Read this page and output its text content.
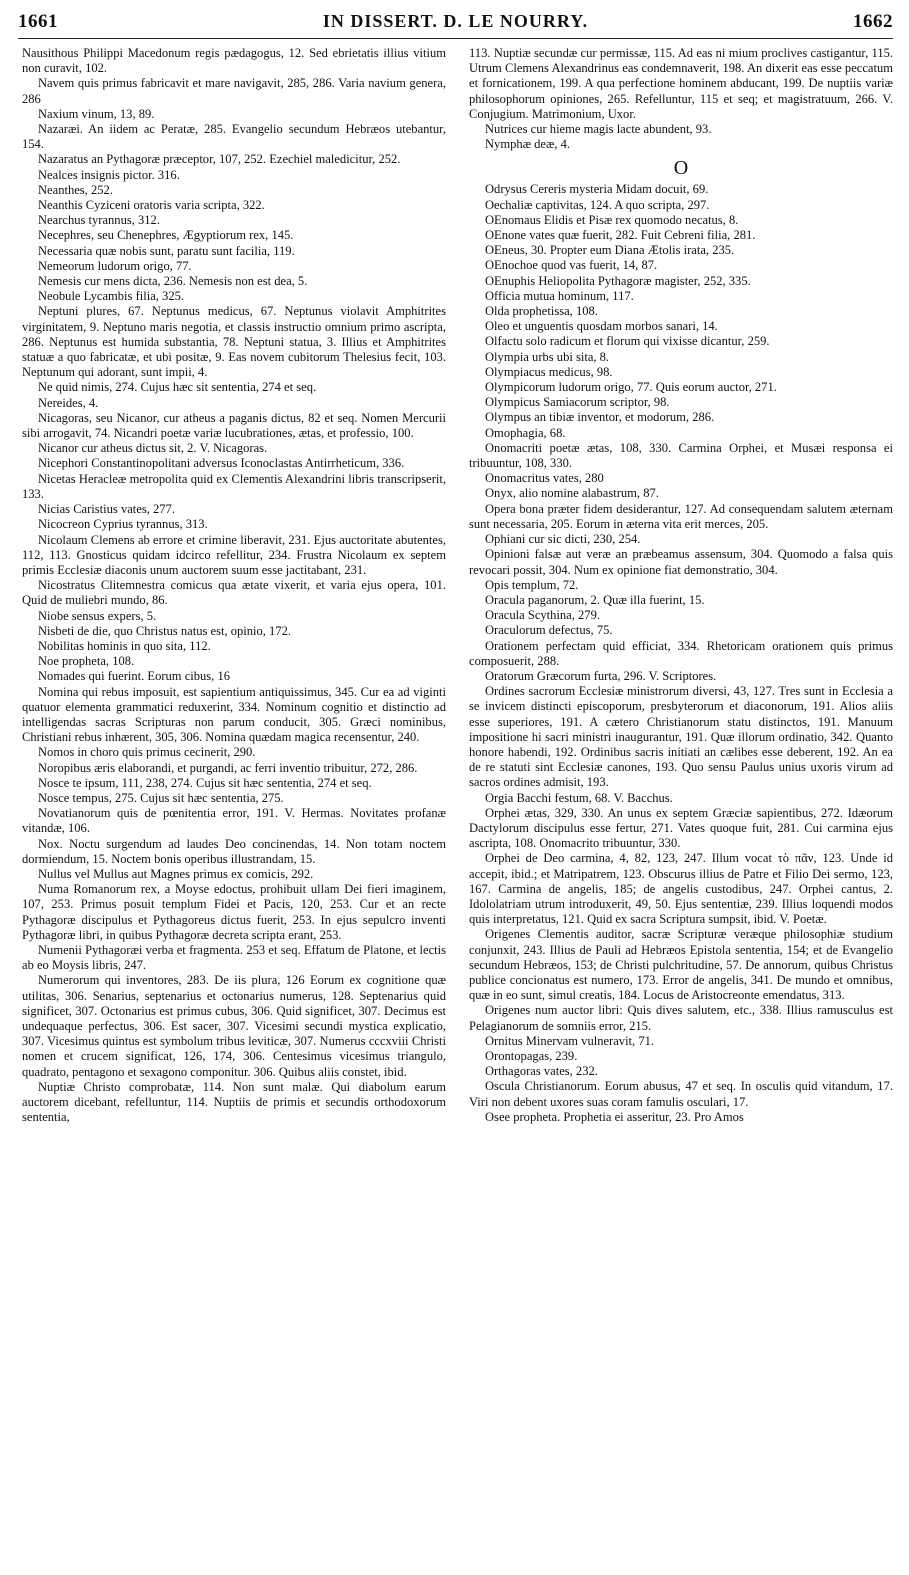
1661	IN DISSERT. D. LE NOURRY.	1662

Nausithous Philippi Macedonum regis pædagogus, 12. Sed ebrietatis illius vitium non curavit, 102.

Navem quis primus fabricavit et mare navigavit, 285, 286. Varia navium genera, 286

Naxium vinum, 13, 89.

Nazaræi. An iidem ac Peratæ, 285. Evangelio secundum Hebræos utebantur, 154.

Nazaratus an Pythagoræ præceptor, 107, 252. Ezechiel maledicitur, 252.

Nealces insignis pictor. 316.

Neanthes, 252.

Neanthis Cyziceni oratoris varia scripta, 322.

Nearchus tyrannus, 312.

Necephres, seu Chenephres, Ægyptiorum rex, 145.

Necessaria quæ nobis sunt, paratu sunt facilia, 119.

Nemeorum ludorum origo, 77.

Nemesis cur mens dicta, 236. Nemesis non est dea, 5.

Neobule Lycambis filia, 325.

Neptuni plures, 67. Neptunus medicus, 67. Neptunus violavit Amphitrites virginitatem, 9. Neptuno maris negotia, et classis instructio omnium primo ascripta, 286. Neptunus est humida substantia, 78. Neptuni statua, 3. Illius et Amphitrites statuæ a quo fabricatæ, et ubi positæ, 9. Eas novem cubitorum Thelesius fecit, 103. Neptunum qui adorant, sunt impii, 4.

Ne quid nimis, 274. Cujus hæc sit sententia, 274 et seq.

Nereides, 4.

Nicagoras, seu Nicanor, cur atheus a paganis dictus, 82 et seq. Nomen Mercurii sibi arrogavit, 74. Nicandri poetæ variæ lucubrationes, ætas, et professio, 100.

Nicanor cur atheus dictus sit, 2. V. Nicagoras.

Nicephori Constantinopolitani adversus Iconoclastas Antirrheticum, 336.

Nicetas Heracleæ metropolita quid ex Clementis Alexandrini libris transcripserit, 133.

Nicias Caristius vates, 277.

Nicocreon Cyprius tyrannus, 313.

Nicolaum Clemens ab errore et crimine liberavit, 231. Ejus auctoritate abutentes, 112, 113. Gnosticus quidam idcirco refellitur, 234. Frustra Nicolaum ex septem primis Ecclesiæ diaconis unum auctorem suum esse jactitabant, 231.

Nicostratus Clitemnestra comicus qua ætate vixerit, et varia ejus opera, 101. Quid de muliebri mundo, 86.

Niobe sensus expers, 5.

Nisbeti de die, quo Christus natus est, opinio, 172.

Nobilitas hominis in quo sita, 112.

Noe propheta, 108.

Nomades qui fuerint. Eorum cibus, 16

Nomina qui rebus imposuit, est sapientium antiquissimus, 345. Cur ea ad viginti quatuor elementa grammatici reduxerint, 334. Nominum cognitio et distinctio ad intelligendas sacras Scripturas non parum conducit, 305. Græci nominibus, Christiani rebus inhærent, 305, 306. Nomina quædam magica recensentur, 240.

Nomos in choro quis primus cecinerit, 290.

Noropibus æris elaborandi, et purgandi, ac ferri inventio tribuitur, 272, 286.

Nosce te ipsum, 111, 238, 274. Cujus sit hæc sententia, 274 et seq.

Nosce tempus, 275. Cujus sit hæc sententia, 275.

Novatianorum quis de pœnitentia error, 191. V. Hermas. Novitates profanæ vitandæ, 106.

Nox. Noctu surgendum ad laudes Deo concinendas, 14. Non totam noctem dormiendum, 15. Noctem bonis operibus illustrandam, 15.

Nullus vel Mullus aut Magnes primus ex comicis, 292.

Numa Romanorum rex, a Moyse edoctus, prohibuit ullam Dei fieri imaginem, 107, 253. Primus posuit templum Fidei et Pacis, 120, 253. Cur et an recte Pythagoræ discipulus et Pythagoreus dictus fuerit, 253. In ejus sepulcro inventi Pythagoræ libri, in quibus Pythagoræ decreta scripta erant, 253.

Numenii Pythagoræi verba et fragmenta. 253 et seq. Effatum de Platone, et lectis ab eo Moysis libris, 247.

Numerorum qui inventores, 283. De iis plura, 126 Eorum ex cognitione quæ utilitas, 306. Senarius, septenarius et octonarius numerus, 128. Septenarius quid significet, 307. Octonarius est primus cubus, 306. Quid significet, 307. Decimus est undequaque perfectus, 306. Est sacer, 307. Vicesimi secundi mystica explicatio, 307. Vicesimus quintus est symbolum tribus leviticæ, 307. Numerus cccxviii Christi nomen et crucem significat, 126, 174, 306. Centesimus vicesimus triangulo, quadrato, pentagono et sexagono componitur. 306. Quibus aliis constet, ibid.

Nuptiæ Christo comprobatæ, 114. Non sunt malæ. Qui diabolum earum auctorem dicebant, refelluntur, 114. Nuptiis de primis et secundis orthodoxorum sententia,

113. Nuptiæ secundæ cur permissæ, 115. Ad eas ni mium proclives castigantur, 115. Utrum Clemens Alexandrinus eas condemnaverit, 198. An dixerit eas esse peccatum et fornicationem, 199. A qua perfectione hominem abducant, 199. De nuptiis variæ philosophorum opiniones, 265. Refelluntur, 115 et seq; et magistratuum, 266. V. Conjugium. Matrimonium, Uxor.

Nutrices cur hieme magis lacte abundent, 93.

Nymphæ deæ, 4.

O

Odrysus Cereris mysteria Midam docuit, 69.

Oechaliæ captivitas, 124. A quo scripta, 297.

OEnomaus Elidis et Pisæ rex quomodo necatus, 8.

OEnone vates quæ fuerit, 282. Fuit Cebreni filia, 281.

OEneus, 30. Propter eum Diana Ætolis irata, 235.

OEnochoe quod vas fuerit, 14, 87.

OEnuphis Heliopolita Pythagoræ magister, 252, 335.

Officia mutua hominum, 117.

Olda prophetissa, 108.

Oleo et unguentis quosdam morbos sanari, 14.

Olfactu solo radicum et florum qui vixisse dicantur, 259.

Olympia urbs ubi sita, 8.

Olympiacus medicus, 98.

Olympicorum ludorum origo, 77. Quis eorum auctor, 271.

Olympicus Samiacorum scriptor, 98.

Olympus an tibiæ inventor, et modorum, 286.

Omophagia, 68.

Onomacriti poetæ ætas, 108, 330. Carmina Orphei, et Musæi responsa ei tribuuntur, 108, 330.

Onomacritus vates, 280

Onyx, alio nomine alabastrum, 87.

Opera bona præter fidem desiderantur, 127. Ad consequendam salutem æternam sunt necessaria, 205. Eorum in æterna vita erit merces, 205.

Ophiani cur sic dicti, 230, 254.

Opinioni falsæ aut veræ an præbeamus assensum, 304. Quomodo a falsa quis revocari possit, 304. Num ex opinione fiat demonstratio, 304.

Opis templum, 72.

Oracula paganorum, 2. Quæ illa fuerint, 15.

Oracula Scythina, 279.

Oraculorum defectus, 75.

Orationem perfectam quid efficiat, 334. Rhetoricam orationem quis primus composuerit, 288.

Oratorum Græcorum furta, 296. V. Scriptores.

Ordines sacrorum Ecclesiæ ministrorum diversi, 43, 127. Tres sunt in Ecclesia a se invicem distincti episcoporum, presbyterorum et diaconorum, 191. Alios aliis esse superiores, 191. A cætero Christianorum statu distinctos, 191. Manuum impositione hi sacri ministri inaugurantur, 191. Quæ illorum ordinatio, 342. Quanto honore habendi, 192. Ordinibus sacris initiati an cælibes esse deberent, 192. An ea de re statuti sint Ecclesiæ canones, 193. Quo sensu Paulus unius uxoris virum ad sacros ordines admisit, 193.

Orgia Bacchi festum, 68. V. Bacchus.

Orphei ætas, 329, 330. An unus ex septem Græciæ sapientibus, 272. Idæorum Dactylorum discipulus esse fertur, 271. Vates quoque fuit, 281. Cui carmina ejus ascripta, 108. Onomacrito tribuuntur, 330.

Orphei de Deo carmina, 4, 82, 123, 247. Illum vocat τὸ πᾶν, 123. Unde id accepit, ibid.; et Matripatrem, 123. Obscurus illius de Patre et Filio Dei sermo, 123, 167. Carmina de angelis, 185; de angelis custodibus, 247. Orphei cantus, 2. Idololatriam utrum introduxerit, 49, 50. Ejus sententiæ, 239. Illius loquendi modos quis interpretatus, 121. Quid ex sacra Scriptura sumpsit, ibid. V. Poetæ.

Origenes Clementis auditor, sacræ Scripturæ veræque philosophiæ studium conjunxit, 243. Illius de Pauli ad Hebræos Epistola sententia, 154; et de Evangelio secundum Hebræos, 153; de Christi pulchritudine, 57. De annorum, quibus Christus publice concionatus est numero, 173. Error de angelis, 341. De mundo et omnibus, quæ in eo sunt, simul creatis, 184. Locus de Aristocreonte emendatus, 313.

Origenes num auctor libri: Quis dives salutem, etc., 338. Illius ramusculus est Pelagianorum de somniis error, 215.

Ornitus Minervam vulneravit, 71.

Orontopagas, 239.

Orthagoras vates, 232.

Oscula Christianorum. Eorum abusus, 47 et seq. In osculis quid vitandum, 17. Viri non debent uxores suas coram famulis osculari, 17.

Osee propheta. Prophetia ei asseritur, 23. Pro Amos
